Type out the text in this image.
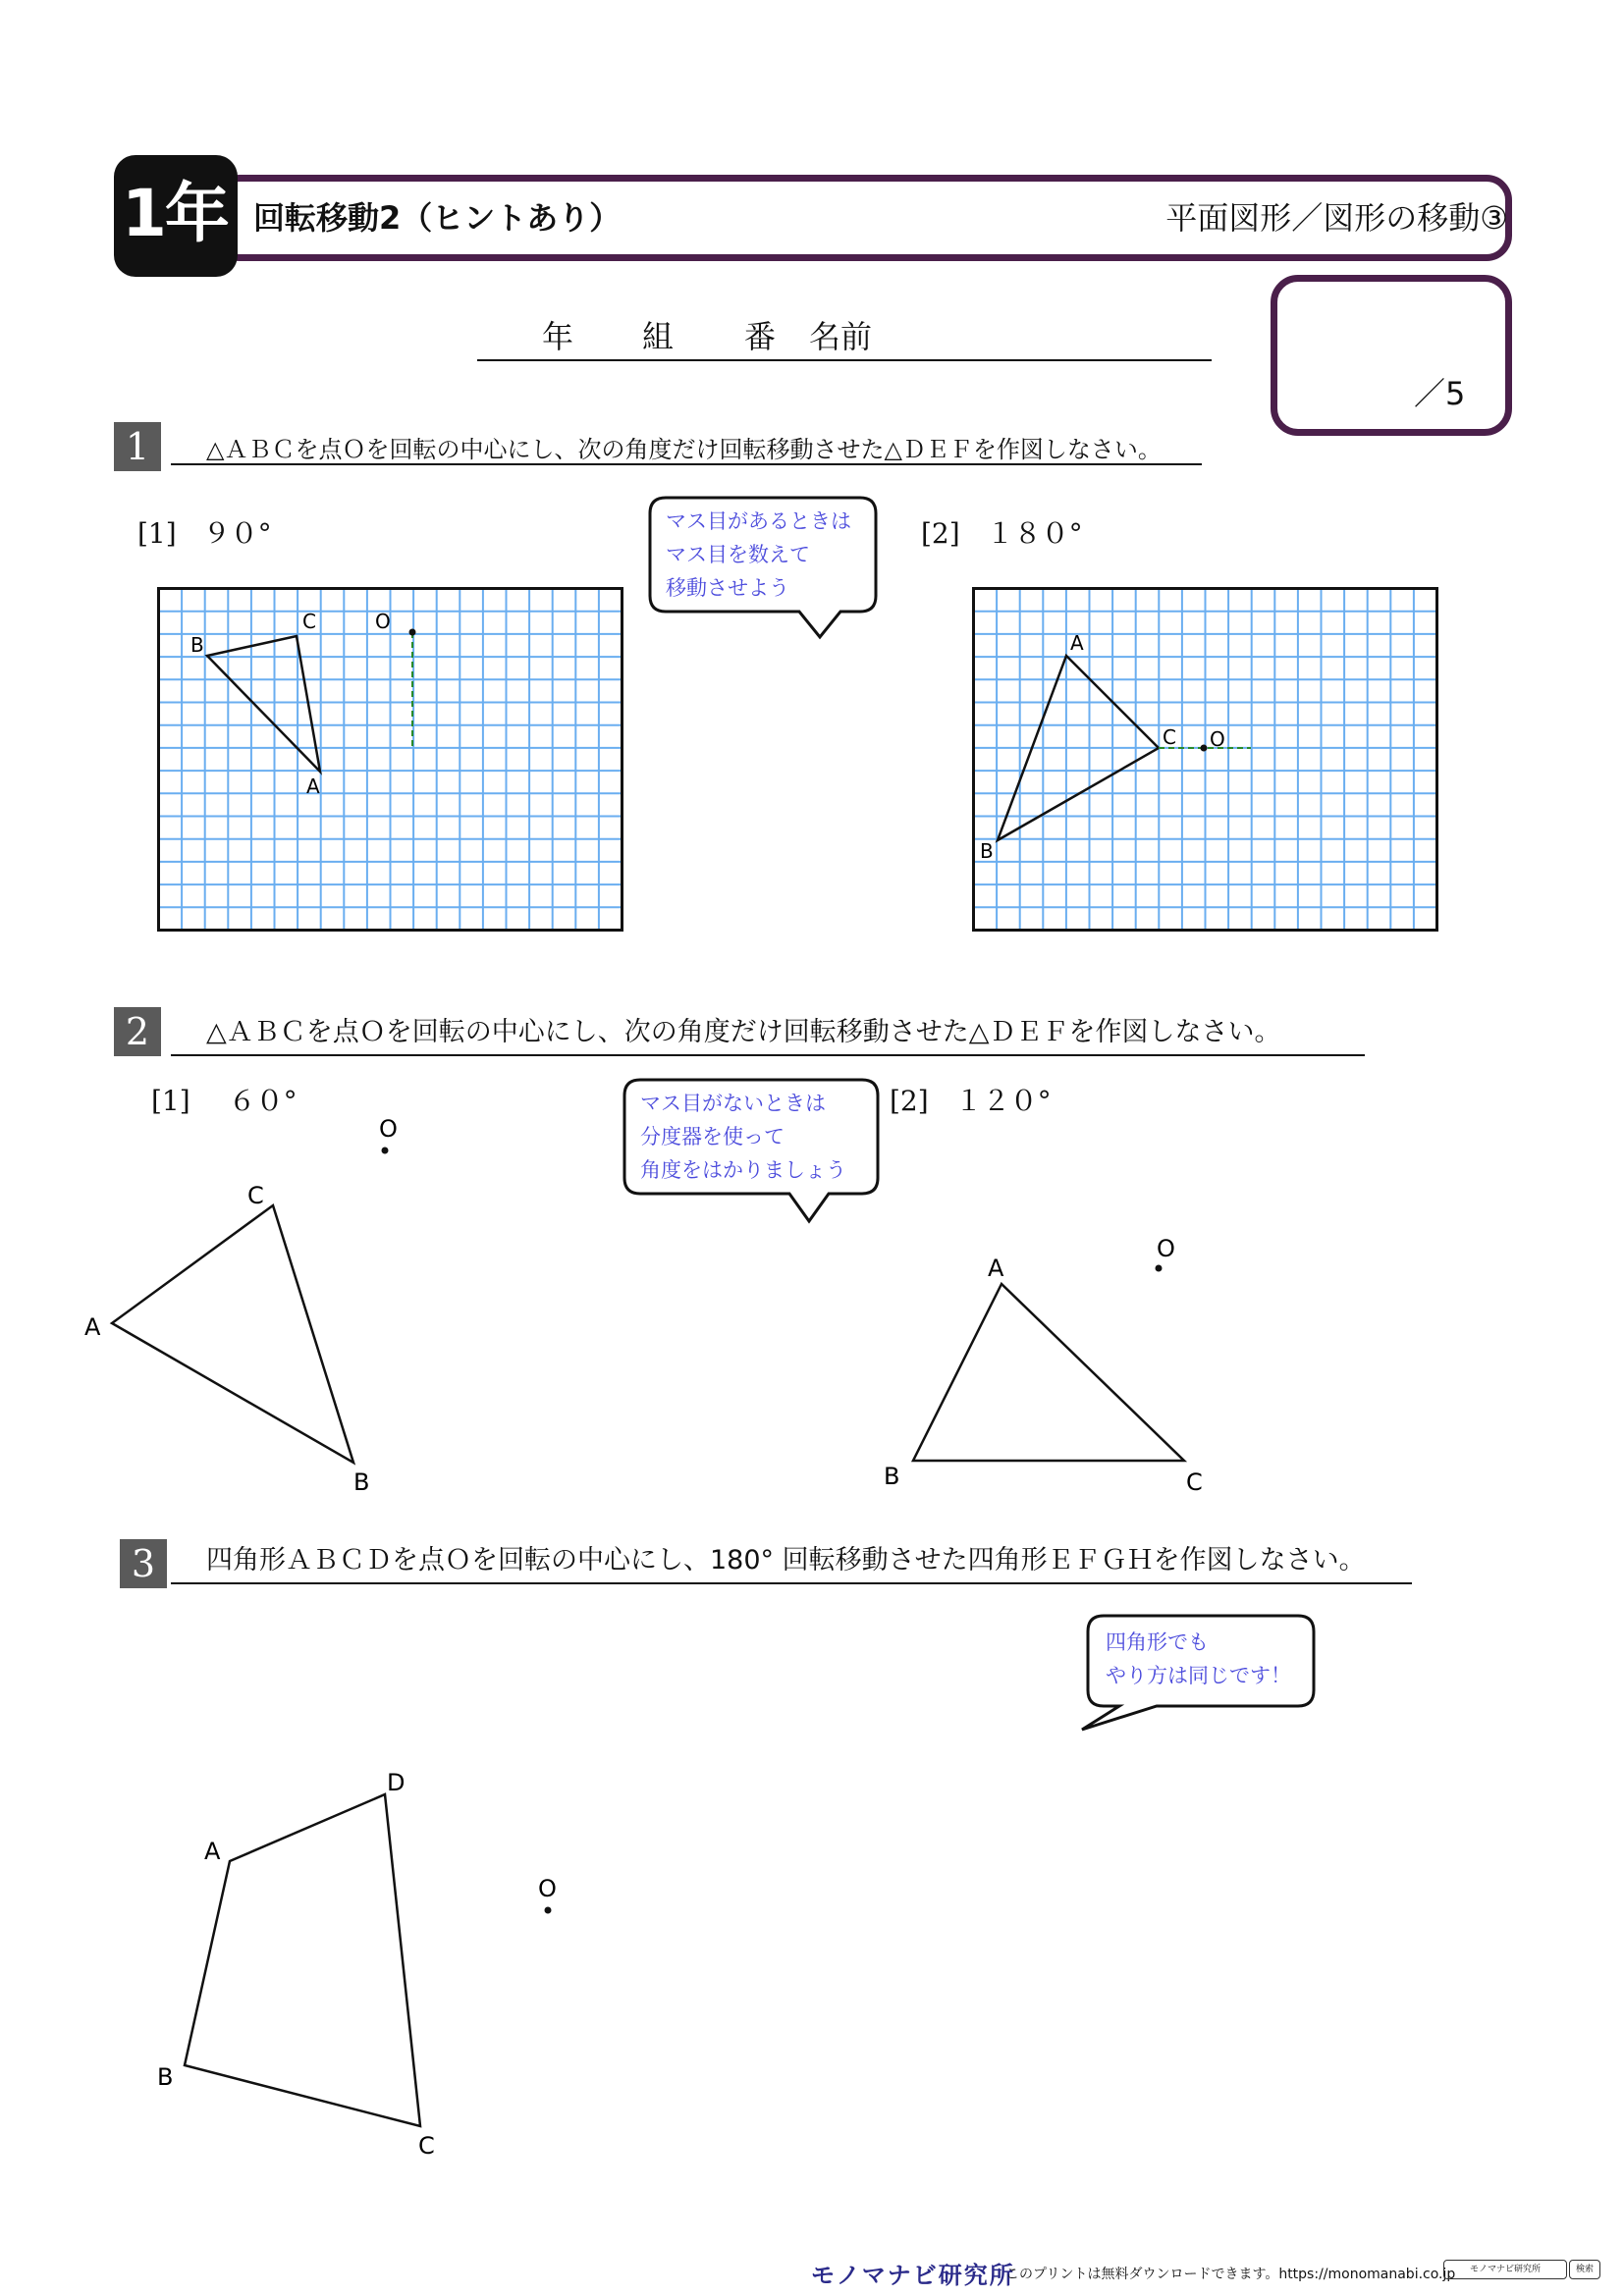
1年 回転移動2（ヒントあり）	平面図形／図形の移動③
／5
年 組 番 名前
1	△ＡＢＣを点Ｏを回転の中心にし、次の角度だけ回転移動させた△ＤＥＦを作図しなさい。
[1] ９０°	[2] １８０°
マス目があるときは
マス目を数えて
移動させよう
A
B
C	O
A
B
C O
2	△ＡＢＣを点Ｏを回転の中心にし、次の角度だけ回転移動させた△ＤＥＦを作図しなさい。
[1] ６０°	[2] １２０°
マス目がないときは
分度器を使って
角度をはかりましょう
A
B
C
O
A
B	C
O
3	四角形ＡＢＣＤを点Ｏを回転の中心にし、180° 回転移動させた四角形ＥＦＧＨを作図しなさい。
四角形でも
やり方は同じです！
A
B
C
D
O
モノマナビ研究所
このプリントは無料ダウンロードできます。https://monomanabi.co.jp	モノマナビ研究所	検索
